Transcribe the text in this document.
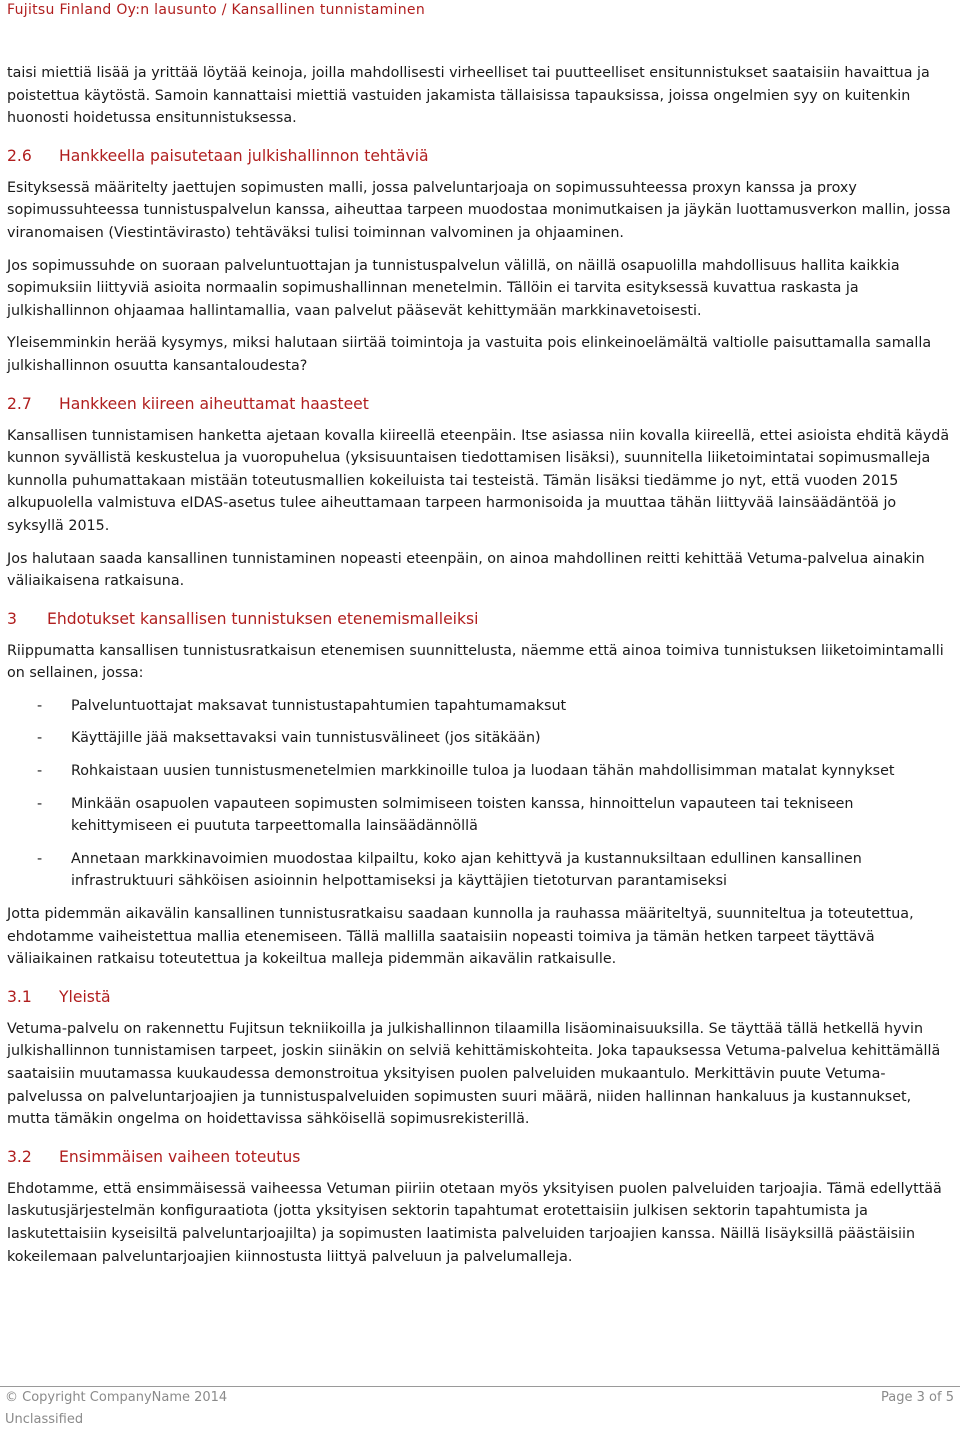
Fujitsu Finland Oy:n lausunto / Kansallinen tunnistaminen

taisi miettiä lisää ja yrittää löytää keinoja, joilla mahdollisesti virheelliset tai puutteelliset ensitunnistukset saataisiin havaittua ja poistettua käytöstä. Samoin kannattaisi miettiä vastuiden jakamista tällaisissa tapauksissa, joissa ongelmien syy on kuitenkin huonosti hoidetussa ensitunnistuksessa.

2.6 Hankkeella paisutetaan julkishallinnon tehtäviä

Esityksessä määritelty jaettujen sopimusten malli, jossa palveluntarjoaja on sopimussuhteessa proxyn kanssa ja proxy sopimussuhteessa tunnistuspalvelun kanssa, aiheuttaa tarpeen muodostaa monimutkaisen ja jäykän luottamusverkon mallin, jossa viranomaisen (Viestintävirasto) tehtäväksi tulisi toiminnan valvominen ja ohjaaminen.

Jos sopimussuhde on suoraan palveluntuottajan ja tunnistuspalvelun välillä, on näillä osapuolilla mahdollisuus hallita kaikkia sopimuksiin liittyviä asioita normaalin sopimushallinnan menetelmin. Tällöin ei tarvita esityksessä kuvattua raskasta ja julkishallinnon ohjaamaa hallintamallia, vaan palvelut pääsevät kehittymään markkinavetoisesti.

Yleisemminkin herää kysymys, miksi halutaan siirtää toimintoja ja vastuita pois elinkeinoelämältä valtiolle paisuttamalla samalla julkishallinnon osuutta kansantaloudesta?

2.7 Hankkeen kiireen aiheuttamat haasteet

Kansallisen tunnistamisen hanketta ajetaan kovalla kiireellä eteenpäin. Itse asiassa niin kovalla kiireellä, ettei asioista ehditä käydä kunnon syvällistä keskustelua ja vuoropuhelua (yksisuuntaisen tiedottamisen lisäksi), suunnitella liiketoimintatai sopimusmalleja kunnolla puhumattakaan mistään toteutusmallien kokeiluista tai testeistä. Tämän lisäksi tiedämme jo nyt, että vuoden 2015 alkupuolella valmistuva eIDAS-asetus tulee aiheuttamaan tarpeen harmonisoida ja muuttaa tähän liittyvää lainsäädäntöä jo syksyllä 2015.

Jos halutaan saada kansallinen tunnistaminen nopeasti eteenpäin, on ainoa mahdollinen reitti kehittää Vetuma-palvelua ainakin väliaikaisena ratkaisuna.

3 Ehdotukset kansallisen tunnistuksen etenemismalleiksi

Riippumatta kansallisen tunnistusratkaisun etenemisen suunnittelusta, näemme että ainoa toimiva tunnistuksen liiketoimintamalli on sellainen, jossa:

- Palveluntuottajat maksavat tunnistustapahtumien tapahtumamaksut
- Käyttäjille jää maksettavaksi vain tunnistusvälineet (jos sitäkään)
- Rohkaistaan uusien tunnistusmenetelmien markkinoille tuloa ja luodaan tähän mahdollisimman matalat kynnykset
- Minkään osapuolen vapauteen sopimusten solmimiseen toisten kanssa, hinnoittelun vapauteen tai tekniseen kehittymiseen ei puututa tarpeettomalla lainsäädännöllä
- Annetaan markkinavoimien muodostaa kilpailtu, koko ajan kehittyvä ja kustannuksiltaan edullinen kansallinen infrastruktuuri sähköisen asioinnin helpottamiseksi ja käyttäjien tietoturvan parantamiseksi

Jotta pidemmän aikavälin kansallinen tunnistusratkaisu saadaan kunnolla ja rauhassa määriteltyä, suunniteltua ja toteutettua, ehdotamme vaiheistettua mallia etenemiseen. Tällä mallilla saataisiin nopeasti toimiva ja tämän hetken tarpeet täyttävä väliaikainen ratkaisu toteutettua ja kokeiltua malleja pidemmän aikavälin ratkaisulle.

3.1 Yleistä

Vetuma-palvelu on rakennettu Fujitsun tekniikoilla ja julkishallinnon tilaamilla lisäominaisuuksilla. Se täyttää tällä hetkellä hyvin julkishallinnon tunnistamisen tarpeet, joskin siinäkin on selviä kehittämiskohteita. Joka tapauksessa Vetuma-palvelua kehittämällä saataisiin muutamassa kuukaudessa demonstroitua yksityisen puolen palveluiden mukaantulo. Merkittävin puute Vetuma-palvelussa on palveluntarjoajien ja tunnistuspalveluiden sopimusten suuri määrä, niiden hallinnan hankaluus ja kustannukset, mutta tämäkin ongelma on hoidettavissa sähköisellä sopimusrekisterillä.

3.2 Ensimmäisen vaiheen toteutus

Ehdotamme, että ensimmäisessä vaiheessa Vetuman piiriin otetaan myös yksityisen puolen palveluiden tarjoajia. Tämä edellyttää laskutusjärjestelmän konfiguraatiota (jotta yksityisen sektorin tapahtumat erotettaisiin julkisen sektorin tapahtumista ja laskutettaisiin kyseisiltä palveluntarjoajilta) ja sopimusten laatimista palveluiden tarjoajien kanssa. Näillä lisäyksillä päästäisiin kokeilemaan palveluntarjoajien kiinnostusta liittyä palveluun ja palvelumalleja.

© Copyright CompanyName 2014	Page 3 of 5
Unclassified
